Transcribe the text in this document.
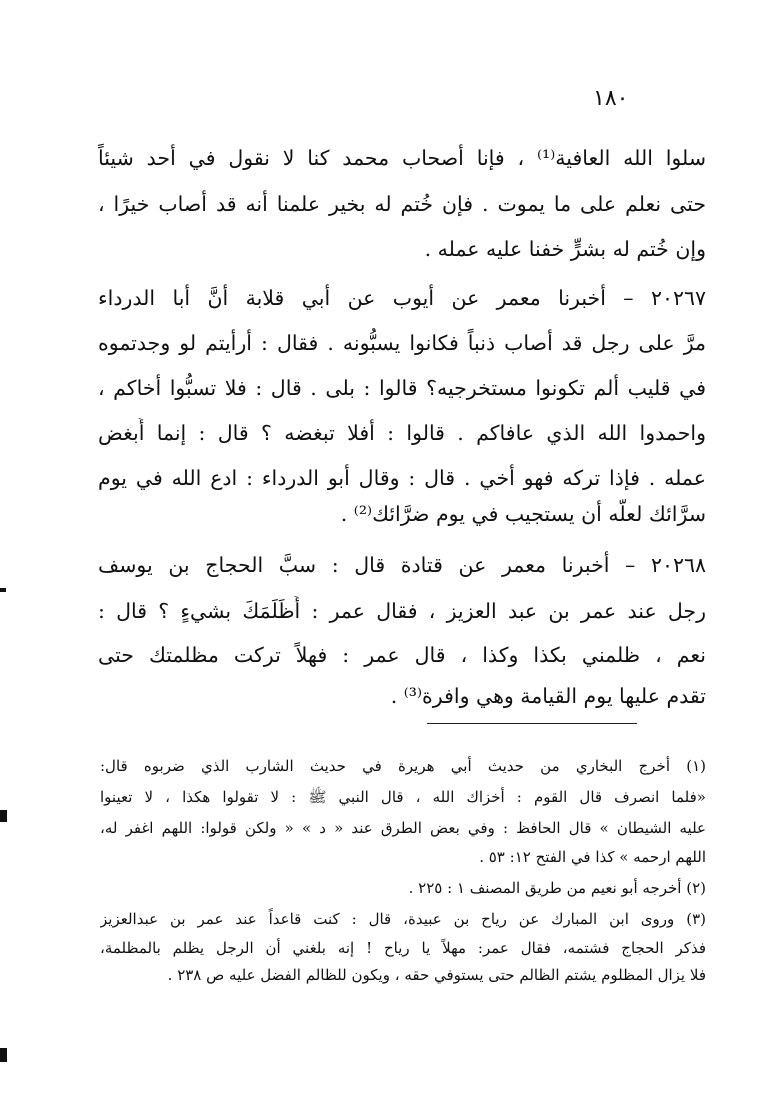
١٨٠
سلوا الله العافية⁽¹⁾ ، فإنا أصحاب محمد كنا لا نقول في أحد شيئاً
حتى نعلم على ما يموت . فإن خُتم له بخير علمنا أنه قد أصاب خيرًا ،
وإن خُتم له بشرٍّ خفنا عليه عمله .
٢٠٢٦٧ – أخبرنا معمر عن أيوب عن أبي قلابة أنَّ أبا الدرداء
مرَّ على رجل قد أصاب ذنباً فكانوا يسبُّونه . فقال : أرأيتم لو وجدتموه
في قليب ألم تكونوا مستخرجيه؟ قالوا : بلى . قال : فلا تسبُّوا أخاكم ،
واحمدوا الله الذي عافاكم . قالوا : أفلا تبغضه ؟ قال : إنما أُبغض
عمله . فإذا تركه فهو أخي . قال : وقال أبو الدرداء : ادع الله في يوم
سرَّائك لعلَّه أن يستجيب في يوم ضرَّائك⁽²⁾ .
٢٠٢٦٨ – أخبرنا معمر عن قتادة قال : سبَّ الحجاج بن يوسف
رجل عند عمر بن عبد العزيز ، فقال عمر : أَظَلَمَكَ بشيءٍ ؟ قال :
نعم ، ظلمني بكذا وكذا ، قال عمر : فهلاً تركت مظلمتك حتى
تقدم عليها يوم القيامة وهي وافرة⁽³⁾ .
(١) أخرج البخاري من حديث أبي هريرة في حديث الشارب الذي ضربوه قال:
«فلما انصرف قال القوم : أخزاك الله ، قال النبي ﷺ : لا تقولوا هكذا ، لا تعينوا
عليه الشيطان » قال الحافظ : وفي بعض الطرق عند « د » « ولكن قولوا: اللهم اغفر له،
اللهم ارحمه » كذا في الفتح ١٢: ٥٣ .
(٢) أخرجه أبو نعيم من طريق المصنف ١ : ٢٢٥ .
(٣) وروى ابن المبارك عن رياح بن عبيدة، قال : كنت قاعداً عند عمر بن عبدالعزيز
فذكر الحجاج فشتمه، فقال عمر: مهلاً يا رياح ! إنه بلغني أن الرجل يظلم بالمظلمة،
فلا يزال المظلوم يشتم الظالم حتى يستوفي حقه ، ويكون للظالم الفضل عليه ص ٢٣٨ .
